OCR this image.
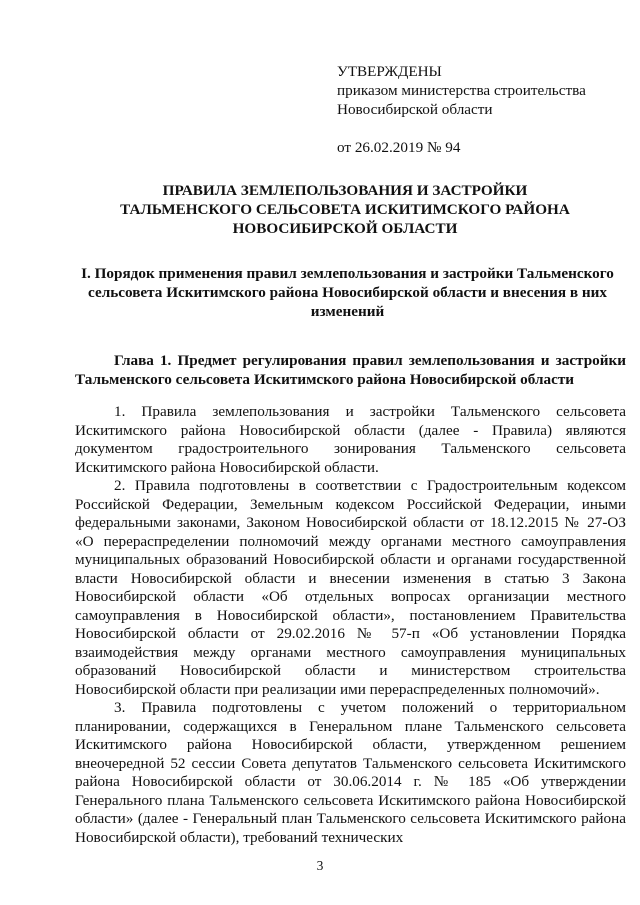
УТВЕРЖДЕНЫ
приказом министерства строительства
Новосибирской области
от 26.02.2019 № 94
ПРАВИЛА ЗЕМЛЕПОЛЬЗОВАНИЯ И ЗАСТРОЙКИ
ТАЛЬМЕНСКОГО СЕЛЬСОВЕТА ИСКИТИМСКОГО РАЙОНА
НОВОСИБИРСКОЙ ОБЛАСТИ
I. Порядок применения правил землепользования и застройки Тальменского
сельсовета Искитимского района Новосибирской области и внесения в них
изменений
Глава 1. Предмет регулирования правил землепользования и застройки Тальменского сельсовета Искитимского района Новосибирской области

1. Правила землепользования и застройки Тальменского сельсовета Искитимского района Новосибирской области (далее - Правила) являются документом градостроительного зонирования Тальменского сельсовета Искитимского района Новосибирской области.

2. Правила подготовлены в соответствии с Градостроительным кодексом Российской Федерации, Земельным кодексом Российской Федерации, иными федеральными законами, Законом Новосибирской области от 18.12.2015 № 27-ОЗ «О перераспределении полномочий между органами местного самоуправления муниципальных образований Новосибирской области и органами государственной власти Новосибирской области и внесении изменения в статью 3 Закона Новосибирской области «Об отдельных вопросах организации местного самоуправления в Новосибирской области», постановлением Правительства Новосибирской области от 29.02.2016 № 57-п «Об установлении Порядка взаимодействия между органами местного самоуправления муниципальных образований Новосибирской области и министерством строительства Новосибирской области при реализации ими перераспределенных полномочий».

3. Правила подготовлены с учетом положений о территориальном планировании, содержащихся в Генеральном плане Тальменского сельсовета Искитимского района Новосибирской области, утвержденном решением внеочередной 52 сессии Совета депутатов Тальменского сельсовета Искитимского района Новосибирской области от 30.06.2014 г. № 185 «Об утверждении Генерального плана Тальменского сельсовета Искитимского района Новосибирской области» (далее - Генеральный план Тальменского сельсовета Искитимского района Новосибирской области), требований технических

3
